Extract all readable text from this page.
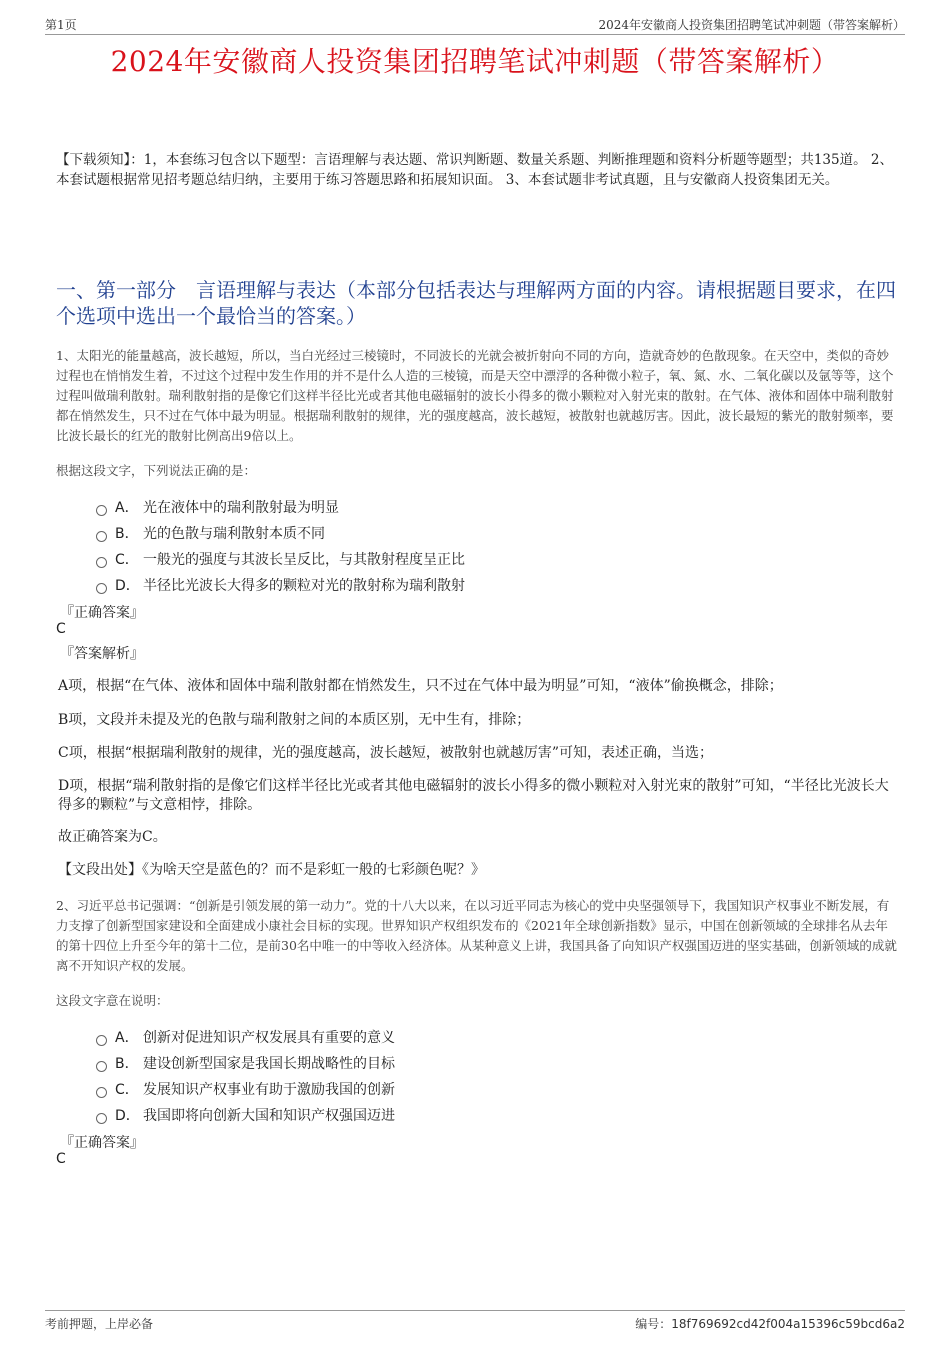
第1页	2024年安徽商人投资集团招聘笔试冲刺题（带答案解析）
2024年安徽商人投资集团招聘笔试冲刺题（带答案解析）
【下载须知】：1，本套练习包含以下题型：言语理解与表达题、常识判断题、数量关系题、判断推理题和资料分析题等题型；共135道。 2、本套试题根据常见招考题总结归纳，主要用于练习答题思路和拓展知识面。 3、本套试题非考试真题，且与安徽商人投资集团无关。
一、第一部分　言语理解与表达（本部分包括表达与理解两方面的内容。请根据题目要求，在四个选项中选出一个最恰当的答案。）
1、太阳光的能量越高，波长越短，所以，当白光经过三棱镜时，不同波长的光就会被折射向不同的方向，造就奇妙的色散现象。在天空中，类似的奇妙过程也在悄悄发生着，不过这个过程中发生作用的并不是什么人造的三棱镜，而是天空中漂浮的各种微小粒子，氧、氮、水、二氧化碳以及氩等等，这个过程叫做瑞利散射。瑞利散射指的是像它们这样半径比光或者其他电磁辐射的波长小得多的微小颗粒对入射光束的散射。在气体、液体和固体中瑞利散射都在悄然发生，只不过在气体中最为明显。根据瑞利散射的规律，光的强度越高，波长越短，被散射也就越厉害。因此，波长最短的紫光的散射频率，要比波长最长的红光的散射比例高出9倍以上。
根据这段文字，下列说法正确的是：
A． 光在液体中的瑞利散射最为明显
B． 光的色散与瑞利散射本质不同
C． 一般光的强度与其波长呈反比，与其散射程度呈正比
D． 半径比光波长大得多的颗粒对光的散射称为瑞利散射
『正确答案』
C
『答案解析』
A项，根据“在气体、液体和固体中瑞利散射都在悄然发生，只不过在气体中最为明显”可知，“液体”偷换概念，排除；
B项，文段并未提及光的色散与瑞利散射之间的本质区别，无中生有，排除；
C项，根据“根据瑞利散射的规律，光的强度越高，波长越短，被散射也就越厉害”可知，表述正确，当选；
D项，根据“瑞利散射指的是像它们这样半径比光或者其他电磁辐射的波长小得多的微小颗粒对入射光束的散射”可知，“半径比光波长大得多的颗粒”与文意相悖，排除。
故正确答案为C。
【文段出处】《为啥天空是蓝色的？而不是彩虹一般的七彩颜色呢？》
2、习近平总书记强调：“创新是引领发展的第一动力”。党的十八大以来，在以习近平同志为核心的党中央坚强领导下，我国知识产权事业不断发展，有力支撑了创新型国家建设和全面建成小康社会目标的实现。世界知识产权组织发布的《2021年全球创新指数》显示，中国在创新领域的全球排名从去年的第十四位上升至今年的第十二位，是前30名中唯一的中等收入经济体。从某种意义上讲，我国具备了向知识产权强国迈进的坚实基础，创新领域的成就离不开知识产权的发展。
这段文字意在说明：
A． 创新对促进知识产权发展具有重要的意义
B． 建设创新型国家是我国长期战略性的目标
C． 发展知识产权事业有助于激励我国的创新
D． 我国即将向创新大国和知识产权强国迈进
『正确答案』
C
考前押题，上岸必备	编号：18f769692cd42f004a15396c59bcd6a2
